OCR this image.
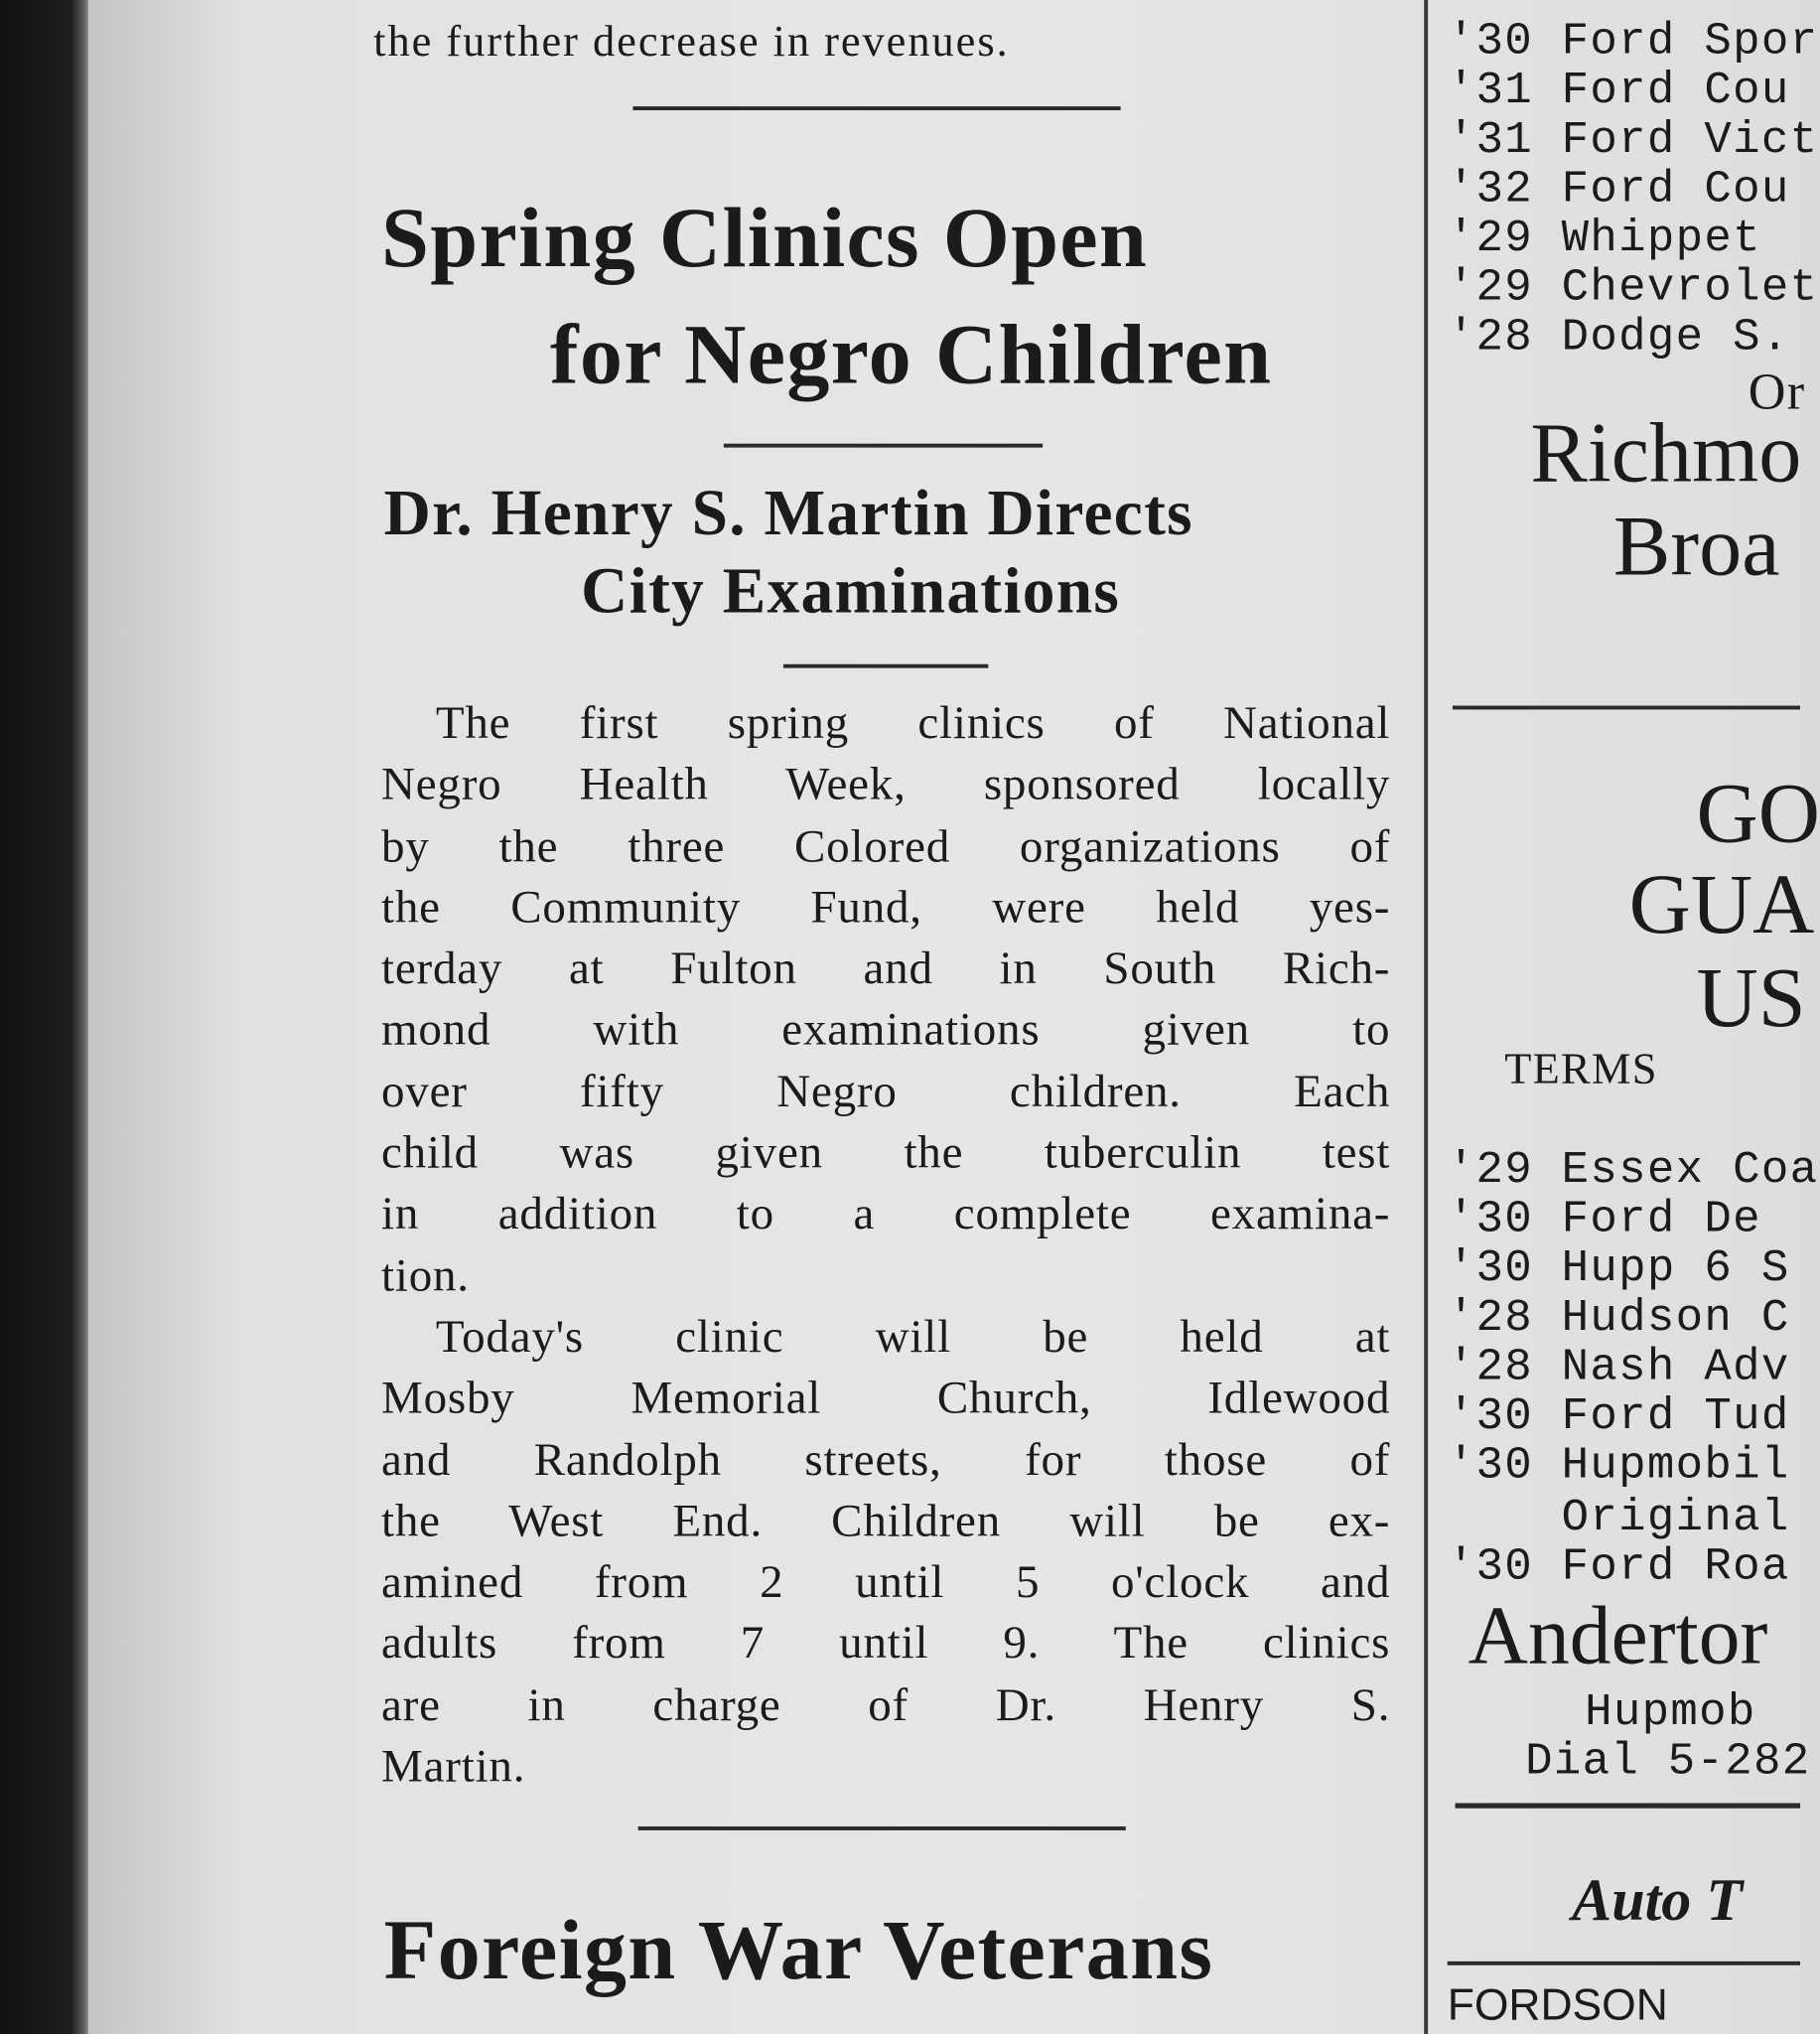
the further decrease in revenues.
Spring Clinics Open
for Negro Children
Dr. Henry S. Martin Directs
City Examinations
The first spring clinics of National
Negro Health Week, sponsored locally
by the three Colored organizations of
the Community Fund, were held yes-
terday at Fulton and in South Rich-
mond with examinations given to
over fifty Negro children. Each
child was given the tuberculin test
in addition to a complete examina-
tion.
Today's clinic will be held at
Mosby Memorial Church, Idlewood
and Randolph streets, for those of
the West End. Children will be ex-
amined from 2 until 5 o'clock and
adults from 7 until 9. The clinics
are in charge of Dr. Henry S.
Martin.
Foreign War Veterans
'30 Ford Spor
'31 Ford Cou
'31 Ford Vict
'32 Ford Cou
'29 Whippet
'29 Chevrolet
'28 Dodge S.
Or
Richmo
Broa
GO
GUA
US
TERMS
'29 Essex Coa
'30 Ford De
'30 Hupp 6 S
'28 Hudson C
'28 Nash Adv
'30 Ford Tud
'30 Hupmobil
Original
'30 Ford Roa
Andertor
Hupmob
Dial 5-282
Auto T
FORDSON
